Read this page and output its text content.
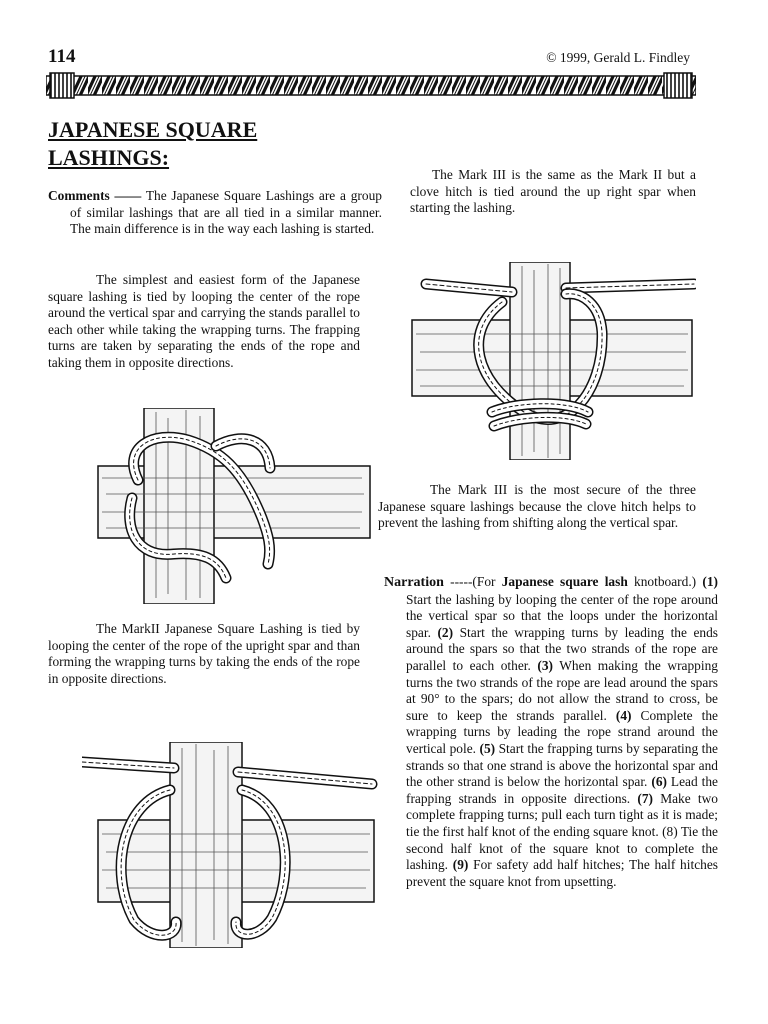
114	© 1999, Gerald L. Findley
JAPANESE SQUARE
LASHINGS:

Comments —— The Japanese Square Lashings are a group of similar lashings that are all tied in a similar manner. The main difference is in the way each lashing is started.

The simplest and easiest form of the Japanese square lashing is tied by looping the center of the rope around the vertical spar and carrying the stands parallel to each other while taking the wrapping turns. The frapping turns are taken by separating the ends of the rope and taking them in opposite directions.

The MarkII Japanese Square Lashing is tied by looping the center of the rope of the upright spar and than forming the wrapping turns by taking the ends of the rope in opposite directions.

The Mark III is the same as the Mark II but a clove hitch is tied around the up right spar when starting the lashing.

The Mark III is the most secure of the three Japanese square lashings because the clove hitch helps to prevent the lashing from shifting along the vertical spar.

Narration -----(For Japanese square lash knotboard.) (1) Start the lashing by looping the center of the rope around the vertical spar so that the loops under the horizontal spar. (2) Start the wrapping turns by leading the ends around the spars so that the two strands of the rope are parallel to each other. (3) When making the wrapping turns the two strands of the rope are lead around the spars at 90° to the spars; do not allow the strand to cross, be sure to keep the strands parallel. (4) Complete the wrapping turns by leading the rope strand around the vertical pole. (5) Start the frapping turns by separating the strands so that one strand is above the horizontal spar and the other strand is below the horizontal spar. (6) Lead the frapping strands in opposite directions. (7) Make two complete frapping turns; pull each turn tight as it is made; tie the first half knot of the ending square knot. (8) Tie the second half knot of the square knot to complete the lashing. (9) For safety add half hitches; The half hitches prevent the square knot from upsetting.
